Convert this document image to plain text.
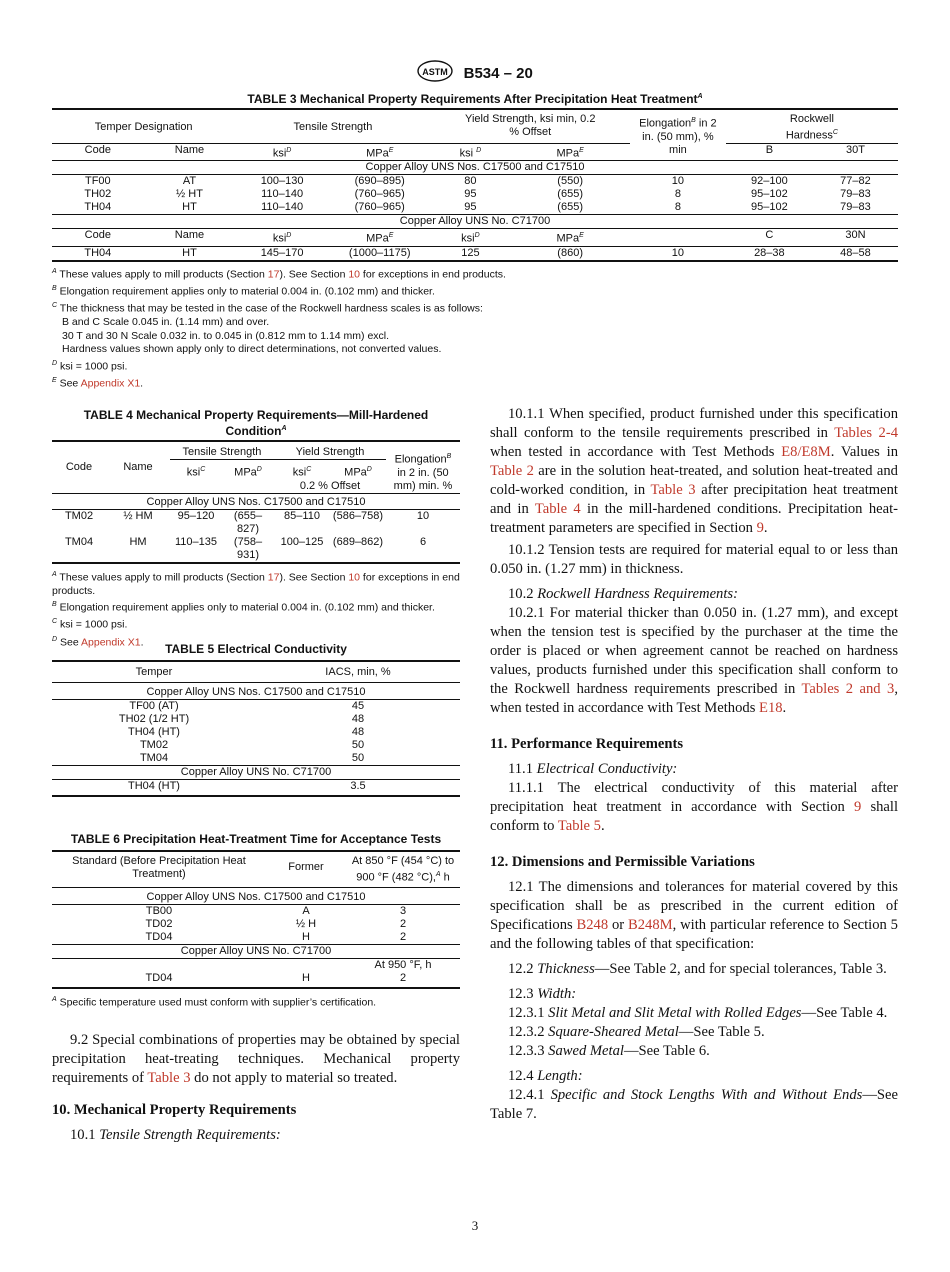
ASTM B534 – 20
TABLE 3 Mechanical Property Requirements After Precipitation Heat Treatment$^A$
Temper Designation		Tensile Strength		Yield Strength, ksi min, 0.2 % Offset		Elongation$^B$ in 2 in. (50 mm), % min	Rockwell Hardness$^C$
Code	Name	ksi$^D$	MPa$^E$	ksi $^D$	MPa$^E$		B	30T
Copper Alloy UNS Nos. C17500 and C17510								
TF00	AT	100–130	(690–895)	80	(550)	10	92–100	77–82
TH02	½ HT	110–140	(760–965)	95	(655)	8	95–102	79–83
TH04	HT	110–140	(760–965)	95	(655)	8	95–102	79–83
Copper Alloy UNS No. C71700								
Code	Name	ksi$^D$	MPa$^E$	ksi$^D$	MPa$^E$		C	30N
TH04	HT	145–170	(1000–1175)	125	(860)	10	28–38	48–58
$^A$ These values apply to mill products (Section 17). See Section 10 for exceptions in end products.
$^B$ Elongation requirement applies only to material 0.004 in. (0.102 mm) and thicker.
$^C$ The thickness that may be tested in the case of the Rockwell hardness scales is as follows:
B and C Scale 0.045 in. (1.14 mm) and over.
30 T and 30 N Scale 0.032 in. to 0.045 in (0.812 mm to 1.14 mm) excl.
Hardness values shown apply only to direct determinations, not converted values.
$^D$ ksi = 1000 psi.
$^E$ See Appendix X1.
TABLE 4 Mechanical Property Requirements—Mill-Hardened Condition$^A$
Code	Name	Tensile Strength		Yield Strength		Elongation$^B$ in 2 in. (50 mm) min. %
		ksi$^C$	MPa$^D$	ksi$^C$	MPa$^D$
				0.2 % Offset		
Copper Alloy UNS Nos. C17500 and C17510						
TM02	½ HM	95–120	(655–827)	85–110	(586–758)	10
TM04	HM	110–135	(758–931)	100–125	(689–862)	6
$^A$ These values apply to mill products (Section 17). See Section 10 for exceptions in end products.
$^B$ Elongation requirement applies only to material 0.004 in. (0.102 mm) and thicker.
$^C$ ksi = 1000 psi.
$^D$ See Appendix X1.	TABLE 5 Electrical Conductivity
Temper	IACS, min, %
Copper Alloy UNS Nos. C17500 and C17510	
TF00 (AT)	45
TH02 (1/2 HT)	48
TH04 (HT)	48
TM02	50
TM04	50
Copper Alloy UNS No. C71700	
TH04 (HT)	3.5
TABLE 6 Precipitation Heat-Treatment Time for Acceptance Tests
Standard (Before Precipitation Heat Treatment)	Former	At 850 °F (454 °C) to 900 °F (482 °C),$^A$ h
Copper Alloy UNS Nos. C17500 and C17510		
TB00	A	3
TD02	½ H	2
TD04	H	2
Copper Alloy UNS No. C71700		
		At 950 °F, h
TD04	H	2
$^A$ Specific temperature used must conform with supplier’s certification.

9.2 Special combinations of properties may be obtained by special precipitation heat-treating techniques. Mechanical property requirements of Table 3 do not apply to material so treated.

10. Mechanical Property Requirements

10.1 Tensile Strength Requirements:

10.1.1 When specified, product furnished under this specification shall conform to the tensile requirements prescribed in Tables 2-4 when tested in accordance with Test Methods E8/E8M. Values in Table 2 are in the solution heat-treated, and solution heat-treated and cold-worked condition, in Table 3 after precipitation heat treatment and in Table 4 in the mill-hardened conditions. Precipitation heat-treatment parameters are specified in Section 9.

10.1.2 Tension tests are required for material equal to or less than 0.050 in. (1.27 mm) in thickness.

10.2 Rockwell Hardness Requirements:

10.2.1 For material thicker than 0.050 in. (1.27 mm), and except when the tension test is specified by the purchaser at the time the order is placed or when agreement cannot be reached on hardness values, products furnished under this specification shall conform to the Rockwell hardness requirements prescribed in Tables 2 and 3, when tested in accordance with Test Methods E18.

11. Performance Requirements

11.1 Electrical Conductivity:

11.1.1 The electrical conductivity of this material after precipitation heat treatment in accordance with Section 9 shall conform to Table 5.

12. Dimensions and Permissible Variations

12.1 The dimensions and tolerances for material covered by this specification shall be as prescribed in the current edition of Specifications B248 or B248M, with particular reference to Section 5 and the following tables of that specification:

12.2 Thickness—See Table 2, and for special tolerances, Table 3.

12.3 Width:

12.3.1 Slit Metal and Slit Metal with Rolled Edges—See Table 4.

12.3.2 Square-Sheared Metal—See Table 5.

12.3.3 Sawed Metal—See Table 6.

12.4 Length:

12.4.1 Specific and Stock Lengths With and Without Ends—See Table 7.

3
